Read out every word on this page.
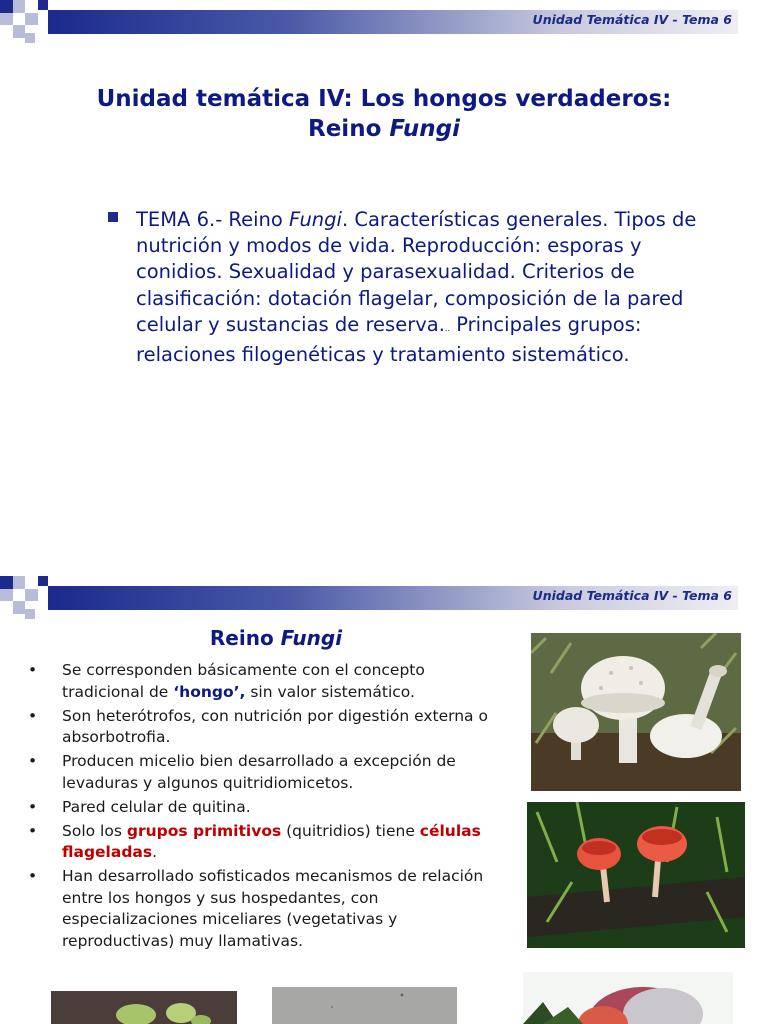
Unidad Temática IV - Tema 6
Unidad temática IV: Los hongos verdaderos:
Reino Fungi
TEMA 6.- Reino Fungi. Características generales. Tipos de nutrición y modos de vida. Reproducción: esporas y conidios. Sexualidad y parasexualidad. Criterios de clasificación: dotación flagelar, composición de la pared celular y sustancias de reserva... Principales grupos: relaciones filogenéticas y tratamiento sistemático.
Unidad Temática IV - Tema 6
Reino Fungi
• Se corresponden básicamente con el concepto tradicional de ‘hongo’, sin valor sistemático.
• Son heterótrofos, con nutrición por digestión externa o absorbotrofia.
• Producen micelio bien desarrollado a excepción de levaduras y algunos quitridiomicetos.
• Pared celular de quitina.
• Solo los grupos primitivos (quitridios) tiene células flageladas.
• Han desarrollado sofisticados mecanismos de relación entre los hongos y sus hospedantes, con especializaciones miceliares (vegetativas y reproductivas) muy llamativas.
